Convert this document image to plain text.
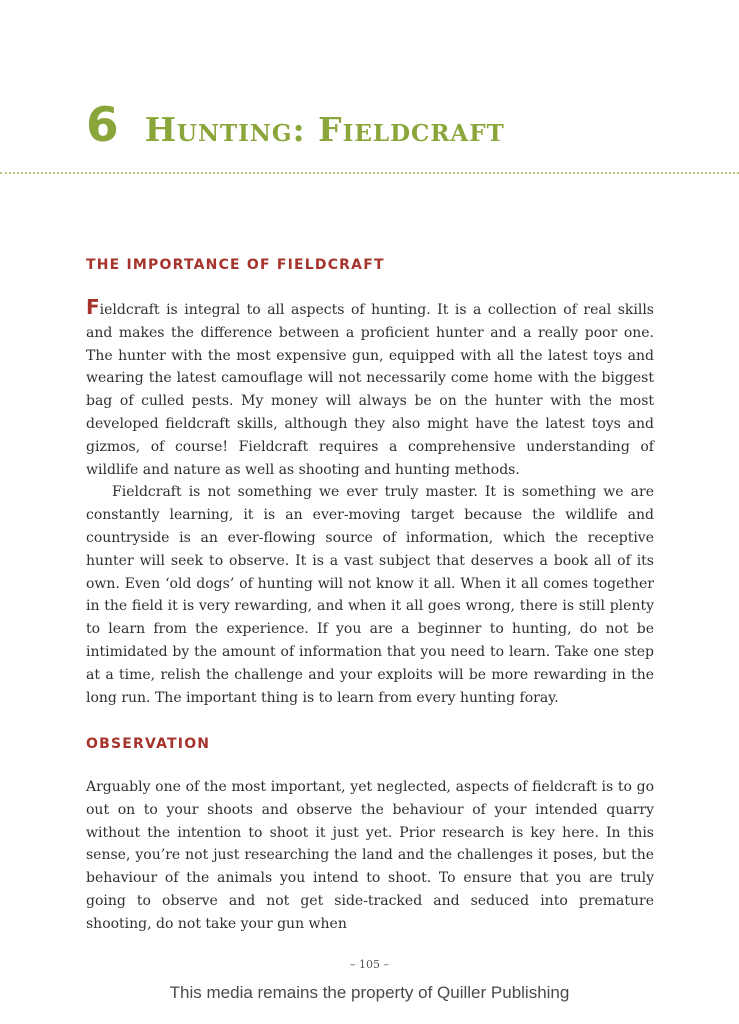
6 Hunting: Fieldcraft
THE IMPORTANCE OF FIELDCRAFT

Fieldcraft is integral to all aspects of hunting. It is a collection of real skills and makes the difference between a proficient hunter and a really poor one. The hunter with the most expensive gun, equipped with all the latest toys and wearing the latest camouflage will not necessarily come home with the biggest bag of culled pests. My money will always be on the hunter with the most developed fieldcraft skills, although they also might have the latest toys and gizmos, of course! Fieldcraft requires a comprehensive understanding of wildlife and nature as well as shooting and hunting methods.

Fieldcraft is not something we ever truly master. It is something we are constantly learning, it is an ever-moving target because the wildlife and countryside is an ever-flowing source of information, which the receptive hunter will seek to observe. It is a vast subject that deserves a book all of its own. Even ‘old dogs’ of hunting will not know it all. When it all comes together in the field it is very rewarding, and when it all goes wrong, there is still plenty to learn from the experience. If you are a beginner to hunting, do not be intimidated by the amount of information that you need to learn. Take one step at a time, relish the challenge and your exploits will be more rewarding in the long run. The important thing is to learn from every hunting foray.

OBSERVATION

Arguably one of the most important, yet neglected, aspects of fieldcraft is to go out on to your shoots and observe the behaviour of your intended quarry without the intention to shoot it just yet. Prior research is key here. In this sense, you’re not just researching the land and the challenges it poses, but the behaviour of the animals you intend to shoot. To ensure that you are truly going to observe and not get side-tracked and seduced into premature shooting, do not take your gun when

– 105 –
This media remains the property of Quiller Publishing
